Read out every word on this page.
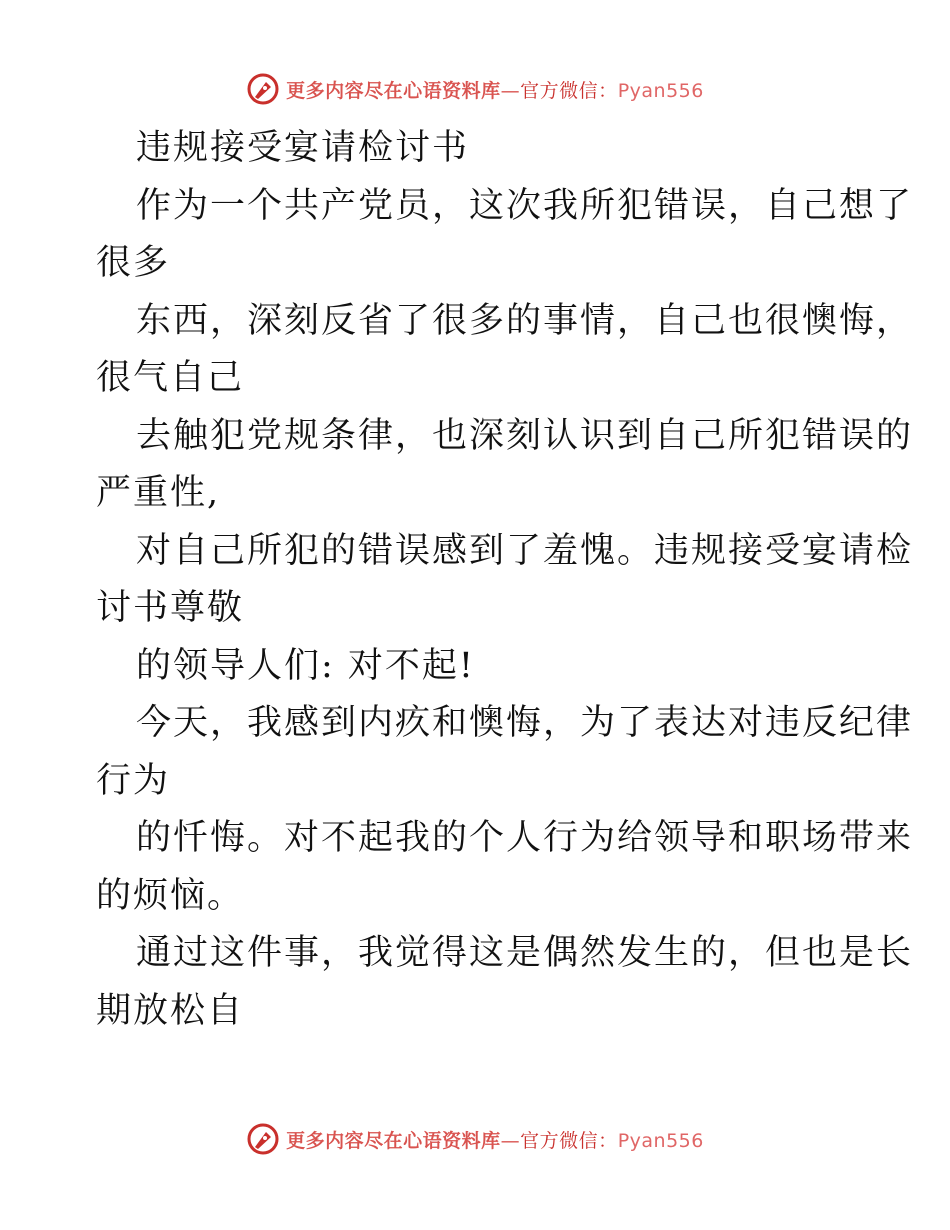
更多内容尽在心语资料库—官方微信：Pyan556

违规接受宴请检讨书

作为一个共产党员，这次我所犯错误，自己想了

很多

东西，深刻反省了很多的事情，自己也很懊悔，

很气自己

去触犯党规条律，也深刻认识到自己所犯错误的

严重性,

对自己所犯的错误感到了羞愧。违规接受宴请检

讨书尊敬

的领导人们: 对不起!

今天，我感到内疚和懊悔，为了表达对违反纪律

行为

的忏悔。对不起我的个人行为给领导和职场带来

的烦恼。

通过这件事，我觉得这是偶然发生的，但也是长

期放松自

更多内容尽在心语资料库—官方微信：Pyan556
